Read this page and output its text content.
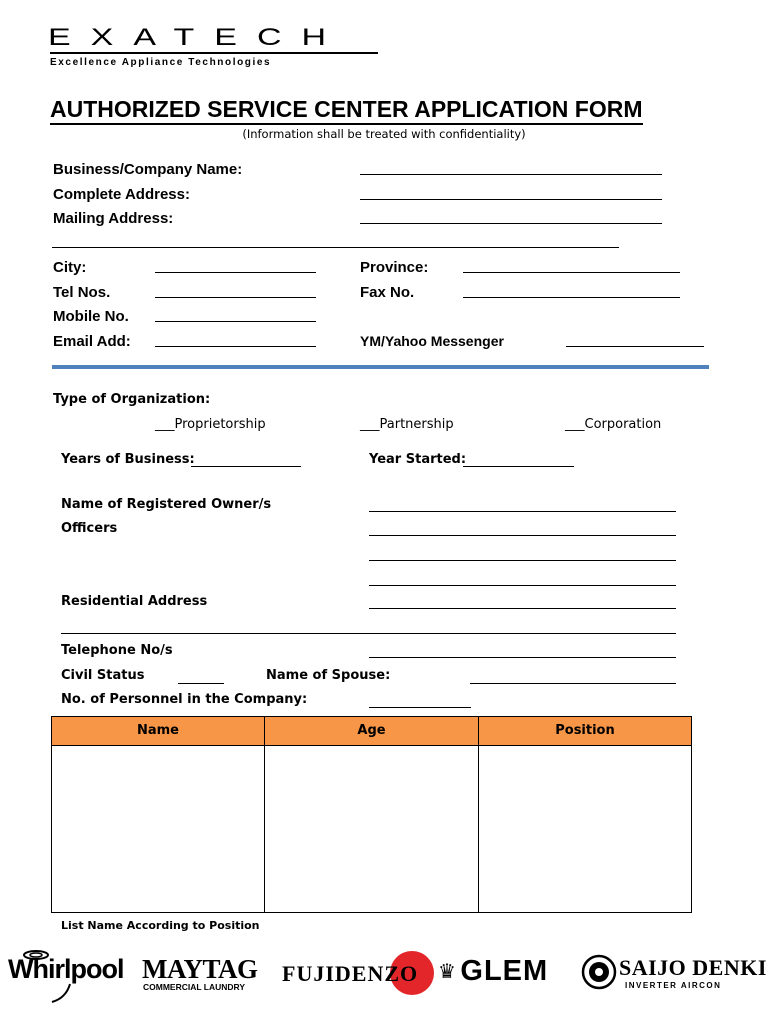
EXATECH
Excellence Appliance Technologies
AUTHORIZED SERVICE CENTER APPLICATION FORM
(Information shall be treated with confidentiality)
Business/Company Name:
Complete Address:
Mailing Address:
City:	Province:
Tel Nos.	Fax No.
Mobile No.
Email Add:	YM/Yahoo Messenger
Type of Organization:
___Proprietorship	___Partnership	___Corporation
Years of Business:	Year Started:
Name of Registered Owner/s
Officers
Residential Address
Telephone No/s
Civil Status	Name of Spouse:
No. of Personnel in the Company:
Name	Age	Position
List Name According to Position
Whirlpool MAYTAG
COMMERCIAL LAUNDRY
FUJIDENZO ♛ GLEM	SAIJO DENKI
INVERTER AIRCON
